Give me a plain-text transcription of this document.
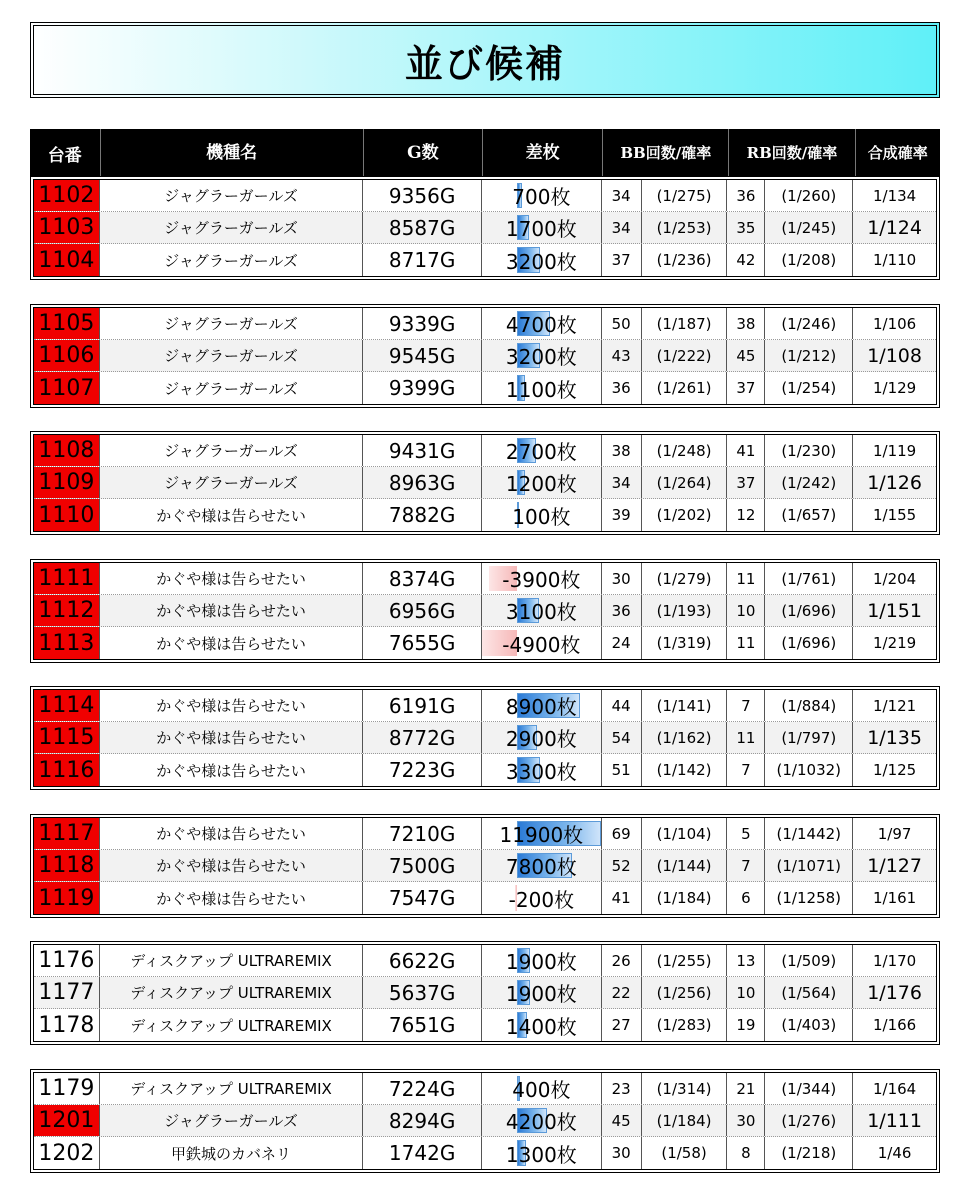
並び候補
台番	機種名	G数	差枚	BB回数/確率	RB回数/確率	合成確率
1102	ジャグラーガールズ	9356G	700枚	34	(1/275)	36	(1/260)	1/134
1103	ジャグラーガールズ	8587G	1700枚	34	(1/253)	35	(1/245)	1/124
1104	ジャグラーガールズ	8717G	3200枚	37	(1/236)	42	(1/208)	1/110
1105	ジャグラーガールズ	9339G	4700枚	50	(1/187)	38	(1/246)	1/106
1106	ジャグラーガールズ	9545G	3200枚	43	(1/222)	45	(1/212)	1/108
1107	ジャグラーガールズ	9399G	1100枚	36	(1/261)	37	(1/254)	1/129
1108	ジャグラーガールズ	9431G	2700枚	38	(1/248)	41	(1/230)	1/119
1109	ジャグラーガールズ	8963G	1200枚	34	(1/264)	37	(1/242)	1/126
1110	かぐや様は告らせたい	7882G	100枚	39	(1/202)	12	(1/657)	1/155
1111	かぐや様は告らせたい	8374G	-3900枚	30	(1/279)	11	(1/761)	1/204
1112	かぐや様は告らせたい	6956G	3100枚	36	(1/193)	10	(1/696)	1/151
1113	かぐや様は告らせたい	7655G	-4900枚	24	(1/319)	11	(1/696)	1/219
1114	かぐや様は告らせたい	6191G	8900枚	44	(1/141)	7	(1/884)	1/121
1115	かぐや様は告らせたい	8772G	2900枚	54	(1/162)	11	(1/797)	1/135
1116	かぐや様は告らせたい	7223G	3300枚	51	(1/142)	7	(1/1032)	1/125
1117	かぐや様は告らせたい	7210G	11900枚	69	(1/104)	5	(1/1442)	1/97
1118	かぐや様は告らせたい	7500G	7800枚	52	(1/144)	7	(1/1071)	1/127
1119	かぐや様は告らせたい	7547G	-200枚	41	(1/184)	6	(1/1258)	1/161
1176	ディスクアップ ULTRAREMIX	6622G	1900枚	26	(1/255)	13	(1/509)	1/170
1177	ディスクアップ ULTRAREMIX	5637G	1900枚	22	(1/256)	10	(1/564)	1/176
1178	ディスクアップ ULTRAREMIX	7651G	1400枚	27	(1/283)	19	(1/403)	1/166
1179	ディスクアップ ULTRAREMIX	7224G	400枚	23	(1/314)	21	(1/344)	1/164
1201	ジャグラーガールズ	8294G	4200枚	45	(1/184)	30	(1/276)	1/111
1202	甲鉄城のカバネリ	1742G	1300枚	30	(1/58)	8	(1/218)	1/46
